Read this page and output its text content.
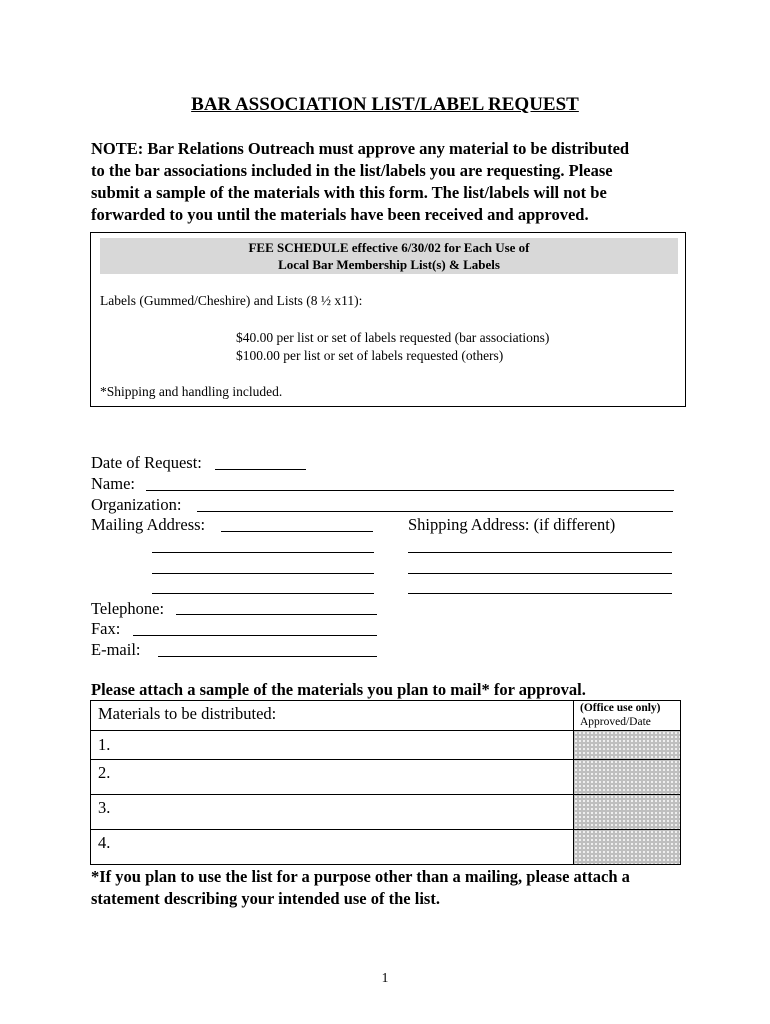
BAR ASSOCIATION LIST/LABEL REQUEST
NOTE: Bar Relations Outreach must approve any material to be distributed
to the bar associations included in the list/labels you are requesting. Please
submit a sample of the materials with this form. The list/labels will not be
forwarded to you until the materials have been received and approved.
FEE SCHEDULE effective 6/30/02 for Each Use of
Local Bar Membership List(s) & Labels
Labels (Gummed/Cheshire) and Lists (8 ½ x11):
$40.00 per list or set of labels requested (bar associations)
$100.00 per list or set of labels requested (others)
*Shipping and handling included.
Date of Request:
Name:
Organization:
Mailing Address:	Shipping Address: (if different)
Telephone:
Fax:
E-mail:
Please attach a sample of the materials you plan to mail* for approval.
Materials to be distributed:	(Office use only)
Approved/Date
1.
2.
3.
4.
*If you plan to use the list for a purpose other than a mailing, please attach a
statement describing your intended use of the list.
1
